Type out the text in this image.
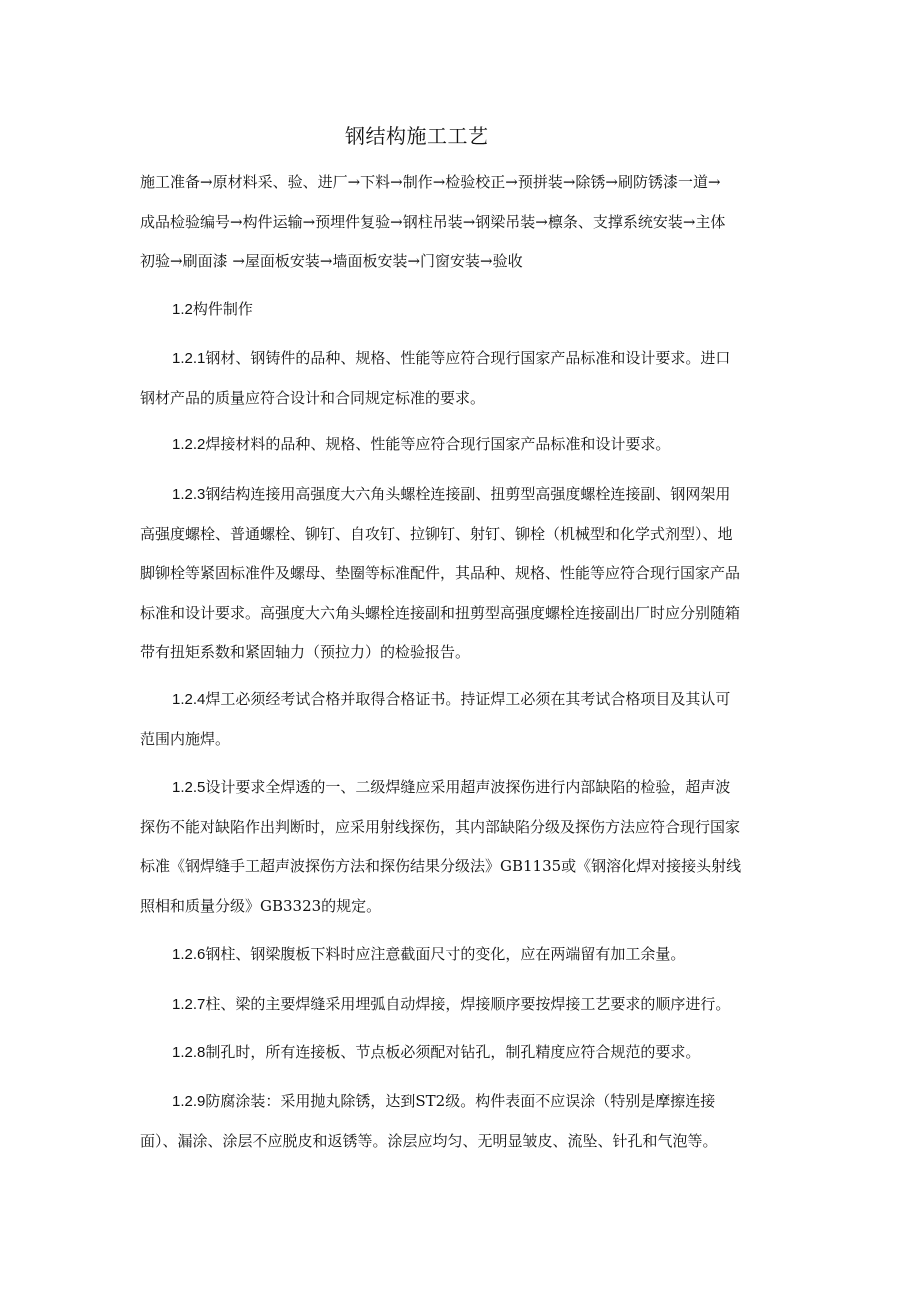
钢结构施工工艺
施工准备→原材料采、验、进厂→下料→制作→检验校正→预拼装→除锈→刷防锈漆一道→
成品检验编号→构件运输→预埋件复验→钢柱吊装→钢梁吊装→檩条、支撑系统安装→主体
初验→刷面漆 →屋面板安装→墙面板安装→门窗安装→验收
1.2构件制作
1.2.1钢材、钢铸件的品种、规格、性能等应符合现行国家产品标准和设计要求。进口
钢材产品的质量应符合设计和合同规定标准的要求。
1.2.2焊接材料的品种、规格、性能等应符合现行国家产品标准和设计要求。
1.2.3钢结构连接用高强度大六角头螺栓连接副、扭剪型高强度螺栓连接副、钢网架用
高强度螺栓、普通螺栓、铆钉、自攻钉、拉铆钉、射钉、铆栓（机械型和化学式剂型）、地
脚铆栓等紧固标准件及螺母、垫圈等标准配件，其品种、规格、性能等应符合现行国家产品
标准和设计要求。高强度大六角头螺栓连接副和扭剪型高强度螺栓连接副出厂时应分别随箱
带有扭矩系数和紧固轴力（预拉力）的检验报告。
1.2.4焊工必须经考试合格并取得合格证书。持证焊工必须在其考试合格项目及其认可
范围内施焊。
1.2.5设计要求全焊透的一、二级焊缝应采用超声波探伤进行内部缺陷的检验，超声波
探伤不能对缺陷作出判断时，应采用射线探伤，其内部缺陷分级及探伤方法应符合现行国家
标准《钢焊缝手工超声波探伤方法和探伤结果分级法》GB1135或《钢溶化焊对接接头射线
照相和质量分级》GB3323的规定。
1.2.6钢柱、钢梁腹板下料时应注意截面尺寸的变化，应在两端留有加工余量。
1.2.7柱、梁的主要焊缝采用埋弧自动焊接，焊接顺序要按焊接工艺要求的顺序进行。
1.2.8制孔时，所有连接板、节点板必须配对钻孔，制孔精度应符合规范的要求。
1.2.9防腐涂装：采用抛丸除锈，达到ST2级。构件表面不应误涂（特别是摩擦连接
面）、漏涂、涂层不应脱皮和返锈等。涂层应均匀、无明显皱皮、流坠、针孔和气泡等。
